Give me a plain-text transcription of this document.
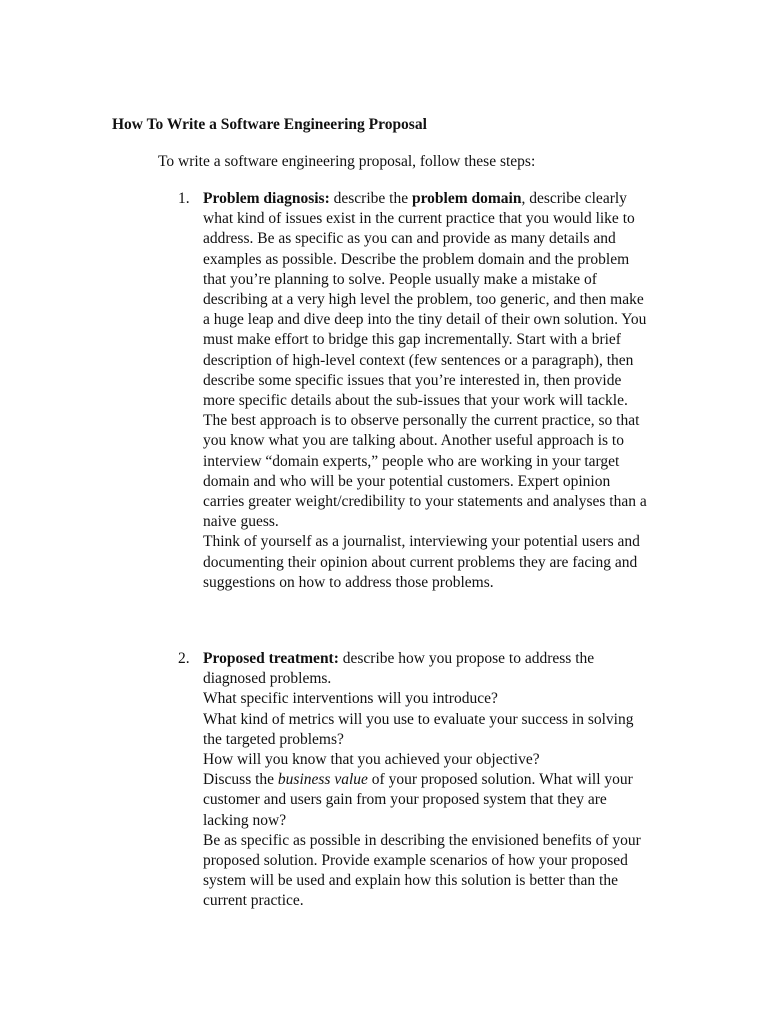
How To Write a Software Engineering Proposal
To write a software engineering proposal, follow these steps:
1. Problem diagnosis: describe the problem domain, describe clearly what kind of issues exist in the current practice that you would like to address. Be as specific as you can and provide as many details and examples as possible. Describe the problem domain and the problem that you’re planning to solve. People usually make a mistake of describing at a very high level the problem, too generic, and then make a huge leap and dive deep into the tiny detail of their own solution. You must make effort to bridge this gap incrementally. Start with a brief description of high-level context (few sentences or a paragraph), then describe some specific issues that you’re interested in, then provide more specific details about the sub-issues that your work will tackle. The best approach is to observe personally the current practice, so that you know what you are talking about. Another useful approach is to interview “domain experts,” people who are working in your target domain and who will be your potential customers. Expert opinion carries greater weight/credibility to your statements and analyses than a naive guess.

Think of yourself as a journalist, interviewing your potential users and documenting their opinion about current problems they are facing and suggestions on how to address those problems.

2. Proposed treatment: describe how you propose to address the diagnosed problems.

What specific interventions will you introduce?

What kind of metrics will you use to evaluate your success in solving the targeted problems?

How will you know that you achieved your objective?

Discuss the business value of your proposed solution. What will your customer and users gain from your proposed system that they are lacking now?

Be as specific as possible in describing the envisioned benefits of your proposed solution. Provide example scenarios of how your proposed system will be used and explain how this solution is better than the current practice.
